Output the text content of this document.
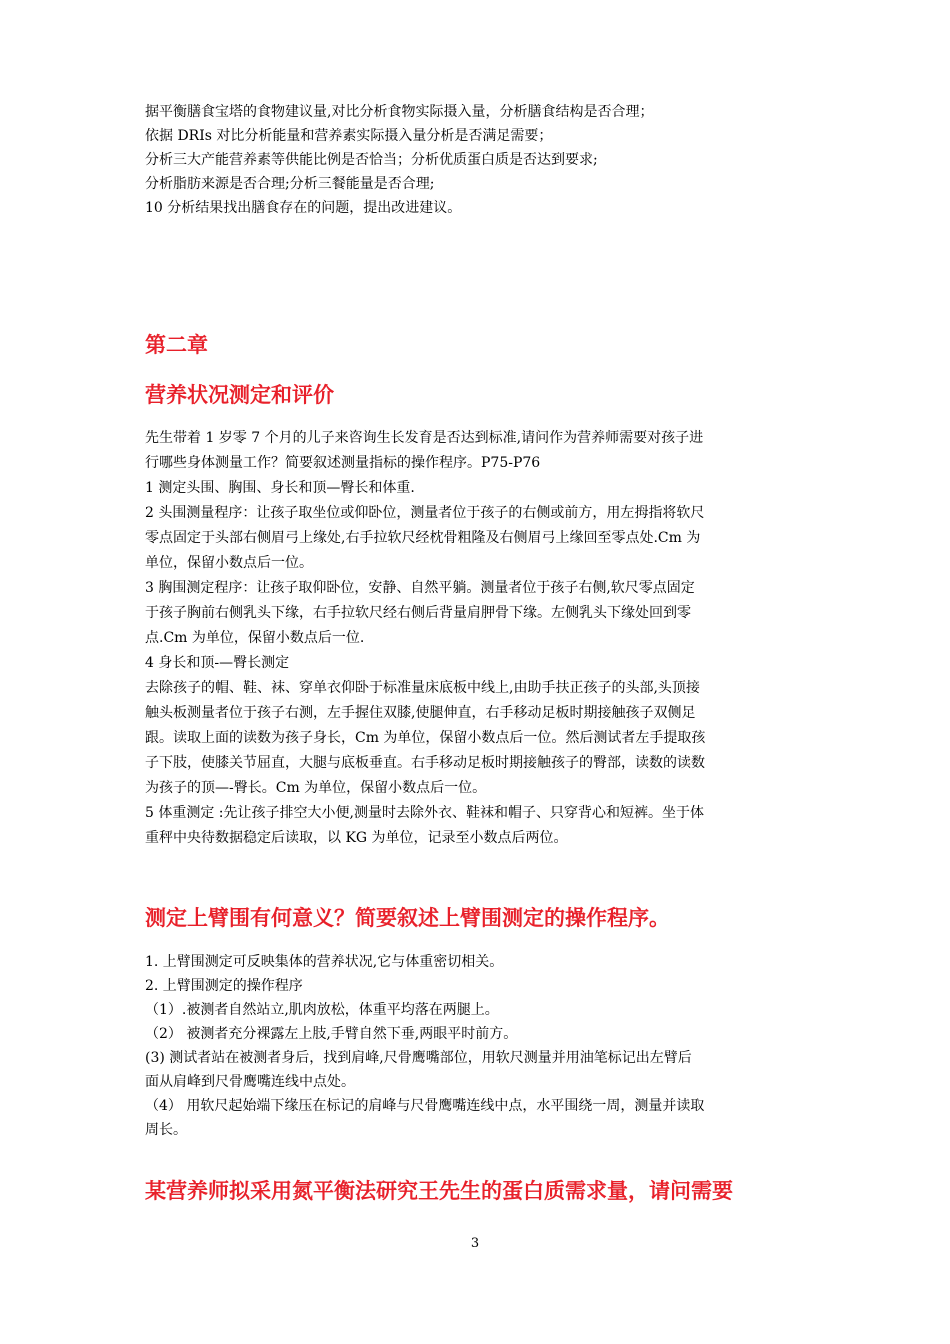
据平衡膳食宝塔的食物建议量,对比分析食物实际摄入量，分析膳食结构是否合理；

依据 DRIs 对比分析能量和营养素实际摄入量分析是否满足需要；

分析三大产能营养素等供能比例是否恰当；分析优质蛋白质是否达到要求;

分析脂肪来源是否合理;分析三餐能量是否合理;

10 分析结果找出膳食存在的问题，提出改进建议。

第二章
营养状况测定和评价

先生带着 1 岁零 7 个月的儿子来咨询生长发育是否达到标准,请问作为营养师需要对孩子进

行哪些身体测量工作？简要叙述测量指标的操作程序。P75-P76

1 测定头围、胸围、身长和顶—臀长和体重.

2 头围测量程序：让孩子取坐位或仰卧位，测量者位于孩子的右侧或前方，用左拇指将软尺

零点固定于头部右侧眉弓上缘处,右手拉软尺经枕骨粗隆及右侧眉弓上缘回至零点处.Cm 为

单位，保留小数点后一位。

3 胸围测定程序：让孩子取仰卧位，安静、自然平躺。测量者位于孩子右侧,软尺零点固定

于孩子胸前右侧乳头下缘，右手拉软尺经右侧后背量肩胛骨下缘。左侧乳头下缘处回到零

点.Cm 为单位，保留小数点后一位.

4 身长和顶-—臀长测定

去除孩子的帽、鞋、袜、穿单衣仰卧于标准量床底板中线上,由助手扶正孩子的头部,头顶接

触头板测量者位于孩子右测，左手握住双膝,使腿伸直，右手移动足板时期接触孩子双侧足

跟。读取上面的读数为孩子身长，Cm 为单位，保留小数点后一位。然后测试者左手提取孩

子下肢，使膝关节屈直，大腿与底板垂直。右手移动足板时期接触孩子的臀部，读数的读数

为孩子的顶—-臀长。Cm 为单位，保留小数点后一位。

5 体重测定 :先让孩子排空大小便,测量时去除外衣、鞋袜和帽子、只穿背心和短裤。坐于体

重秤中央待数据稳定后读取，以 KG 为单位，记录至小数点后两位。

测定上臂围有何意义？简要叙述上臂围测定的操作程序。

1. 上臂围测定可反映集体的营养状况,它与体重密切相关。

2. 上臂围测定的操作程序

（1）.被测者自然站立,肌肉放松，体重平均落在两腿上。

（2） 被测者充分裸露左上肢,手臂自然下垂,两眼平时前方。

(3) 测试者站在被测者身后，找到肩峰,尺骨鹰嘴部位，用软尺测量并用油笔标记出左臂后

面从肩峰到尺骨鹰嘴连线中点处。

（4） 用软尺起始端下缘压在标记的肩峰与尺骨鹰嘴连线中点，水平围绕一周，测量并读取

周长。

某营养师拟采用氮平衡法研究王先生的蛋白质需求量，请问需要
3
